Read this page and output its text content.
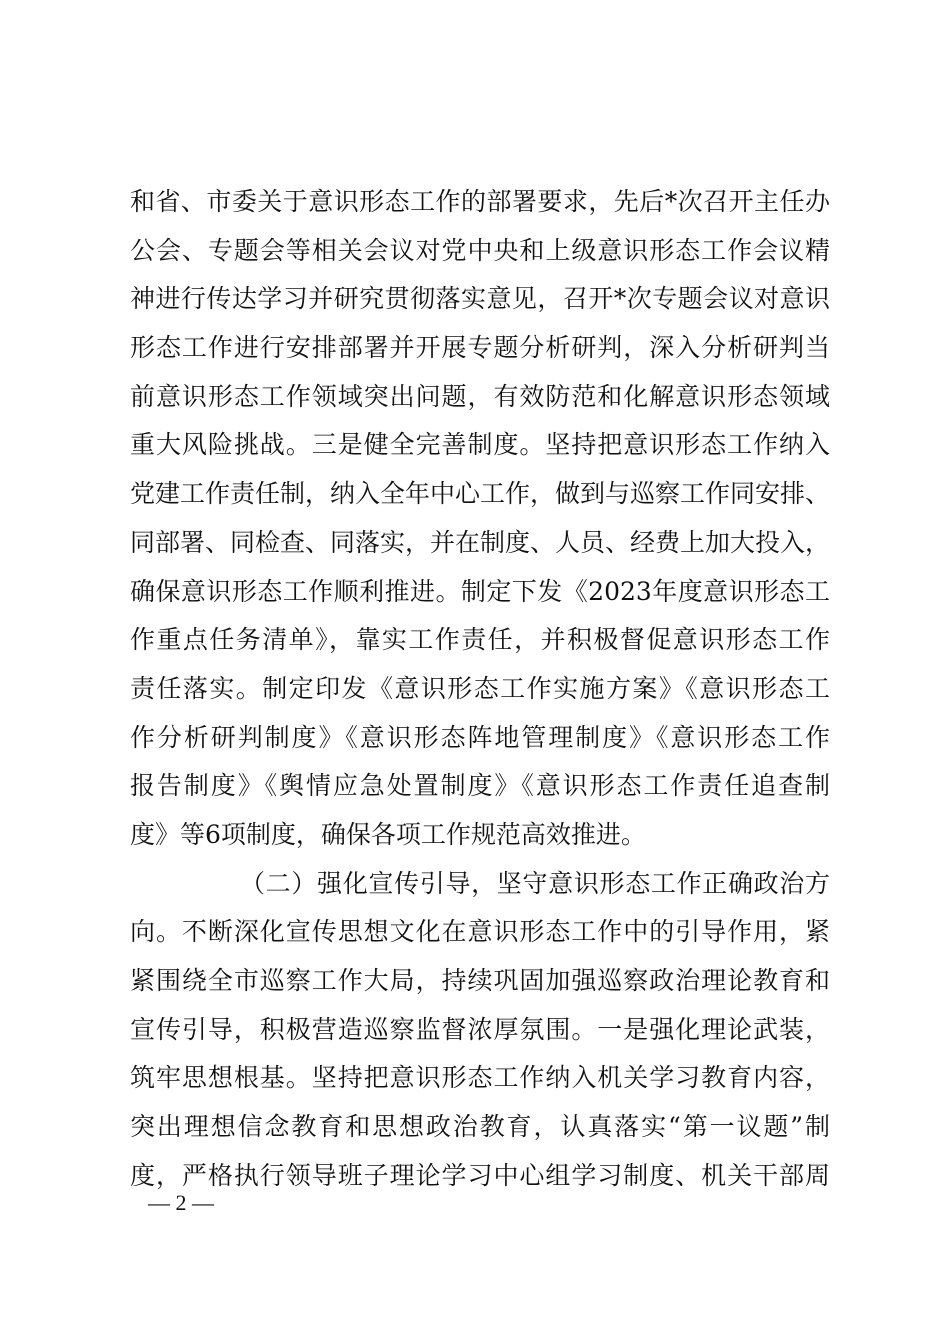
和省、市委关于意识形态工作的部署要求，先后*次召开主任办
公会、专题会等相关会议对党中央和上级意识形态工作会议精
神进行传达学习并研究贯彻落实意见，召开*次专题会议对意识
形态工作进行安排部署并开展专题分析研判，深入分析研判当
前意识形态工作领域突出问题，有效防范和化解意识形态领域
重大风险挑战。三是健全完善制度。坚持把意识形态工作纳入
党建工作责任制，纳入全年中心工作，做到与巡察工作同安排、
同部署、同检查、同落实，并在制度、人员、经费上加大投入，
确保意识形态工作顺利推进。制定下发《2023年度意识形态工
作重点任务清单》，靠实工作责任，并积极督促意识形态工作
责任落实。制定印发《意识形态工作实施方案》《意识形态工
作分析研判制度》《意识形态阵地管理制度》《意识形态工作
报告制度》《舆情应急处置制度》《意识形态工作责任追查制
度》等6项制度，确保各项工作规范高效推进。
（二）强化宣传引导，坚守意识形态工作正确政治方
向。不断深化宣传思想文化在意识形态工作中的引导作用，紧
紧围绕全市巡察工作大局，持续巩固加强巡察政治理论教育和
宣传引导，积极营造巡察监督浓厚氛围。一是强化理论武装，
筑牢思想根基。坚持把意识形态工作纳入机关学习教育内容，
突出理想信念教育和思想政治教育，认真落实“第一议题”制
度，严格执行领导班子理论学习中心组学习制度、机关干部周
— 2 —
